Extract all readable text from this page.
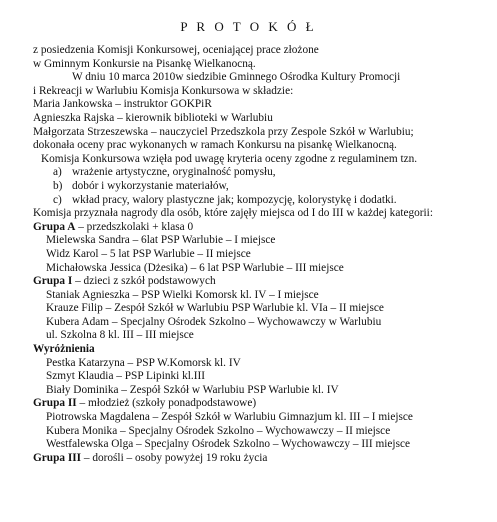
P R O T O K Ó Ł
z posiedzenia Komisji Konkursowej, oceniającej prace złożone
w Gminnym Konkursie na Pisankę Wielkanocną.
W dniu 10 marca 2010w siedzibie Gminnego Ośrodka Kultury Promocji
i Rekreacji w Warlubiu Komisja Konkursowa w składzie:
Maria Jankowska – instruktor GOKPiR
Agnieszka Rajska – kierownik biblioteki w Warlubiu
Małgorzata Strzeszewska – nauczyciel Przedszkola przy Zespole Szkół w Warlubiu;
dokonała oceny prac wykonanych w ramach Konkursu na pisankę Wielkanocną.
Komisja Konkursowa wzięła pod uwagę kryteria oceny zgodne z regulaminem tzn.
a) wrażenie artystyczne, oryginalność pomysłu,
b) dobór i wykorzystanie materiałów,
c) wkład pracy, walory plastyczne jak; kompozycję, kolorystykę i dodatki.
Komisja przyznała nagrody dla osób, które zajęły miejsca od I do III w każdej kategorii:
Grupa A – przedszkolaki + klasa 0
Mielewska Sandra – 6lat PSP Warlubie – I miejsce
Widz Karol – 5 lat PSP Warlubie – II miejsce
Michałowska Jessica (Dżesika) – 6 lat PSP Warlubie – III miejsce
Grupa I – dzieci z szkół podstawowych
Staniak Agnieszka – PSP Wielki Komorsk kl. IV – I miejsce
Krauze Filip – Zespół Szkół w Warlubiu PSP Warlubie kl. VIa – II miejsce
Kubera Adam – Specjalny Ośrodek Szkolno – Wychowawczy w Warlubiu
ul. Szkolna 8 kl. III – III miejsce
Wyróżnienia
Pestka Katarzyna – PSP W.Komorsk kl. IV
Szmyt Klaudia – PSP Lipinki kl.III
Biały Dominika – Zespół Szkół w Warlubiu PSP Warlubie kl. IV
Grupa II – młodzież (szkoły ponadpodstawowe)
Piotrowska Magdalena – Zespół Szkół w Warlubiu Gimnazjum kl. III – I miejsce
Kubera Monika – Specjalny Ośrodek Szkolno – Wychowawczy – II miejsce
Westfalewska Olga – Specjalny Ośrodek Szkolno – Wychowawczy – III miejsce
Grupa III – dorośli – osoby powyżej 19 roku życia
